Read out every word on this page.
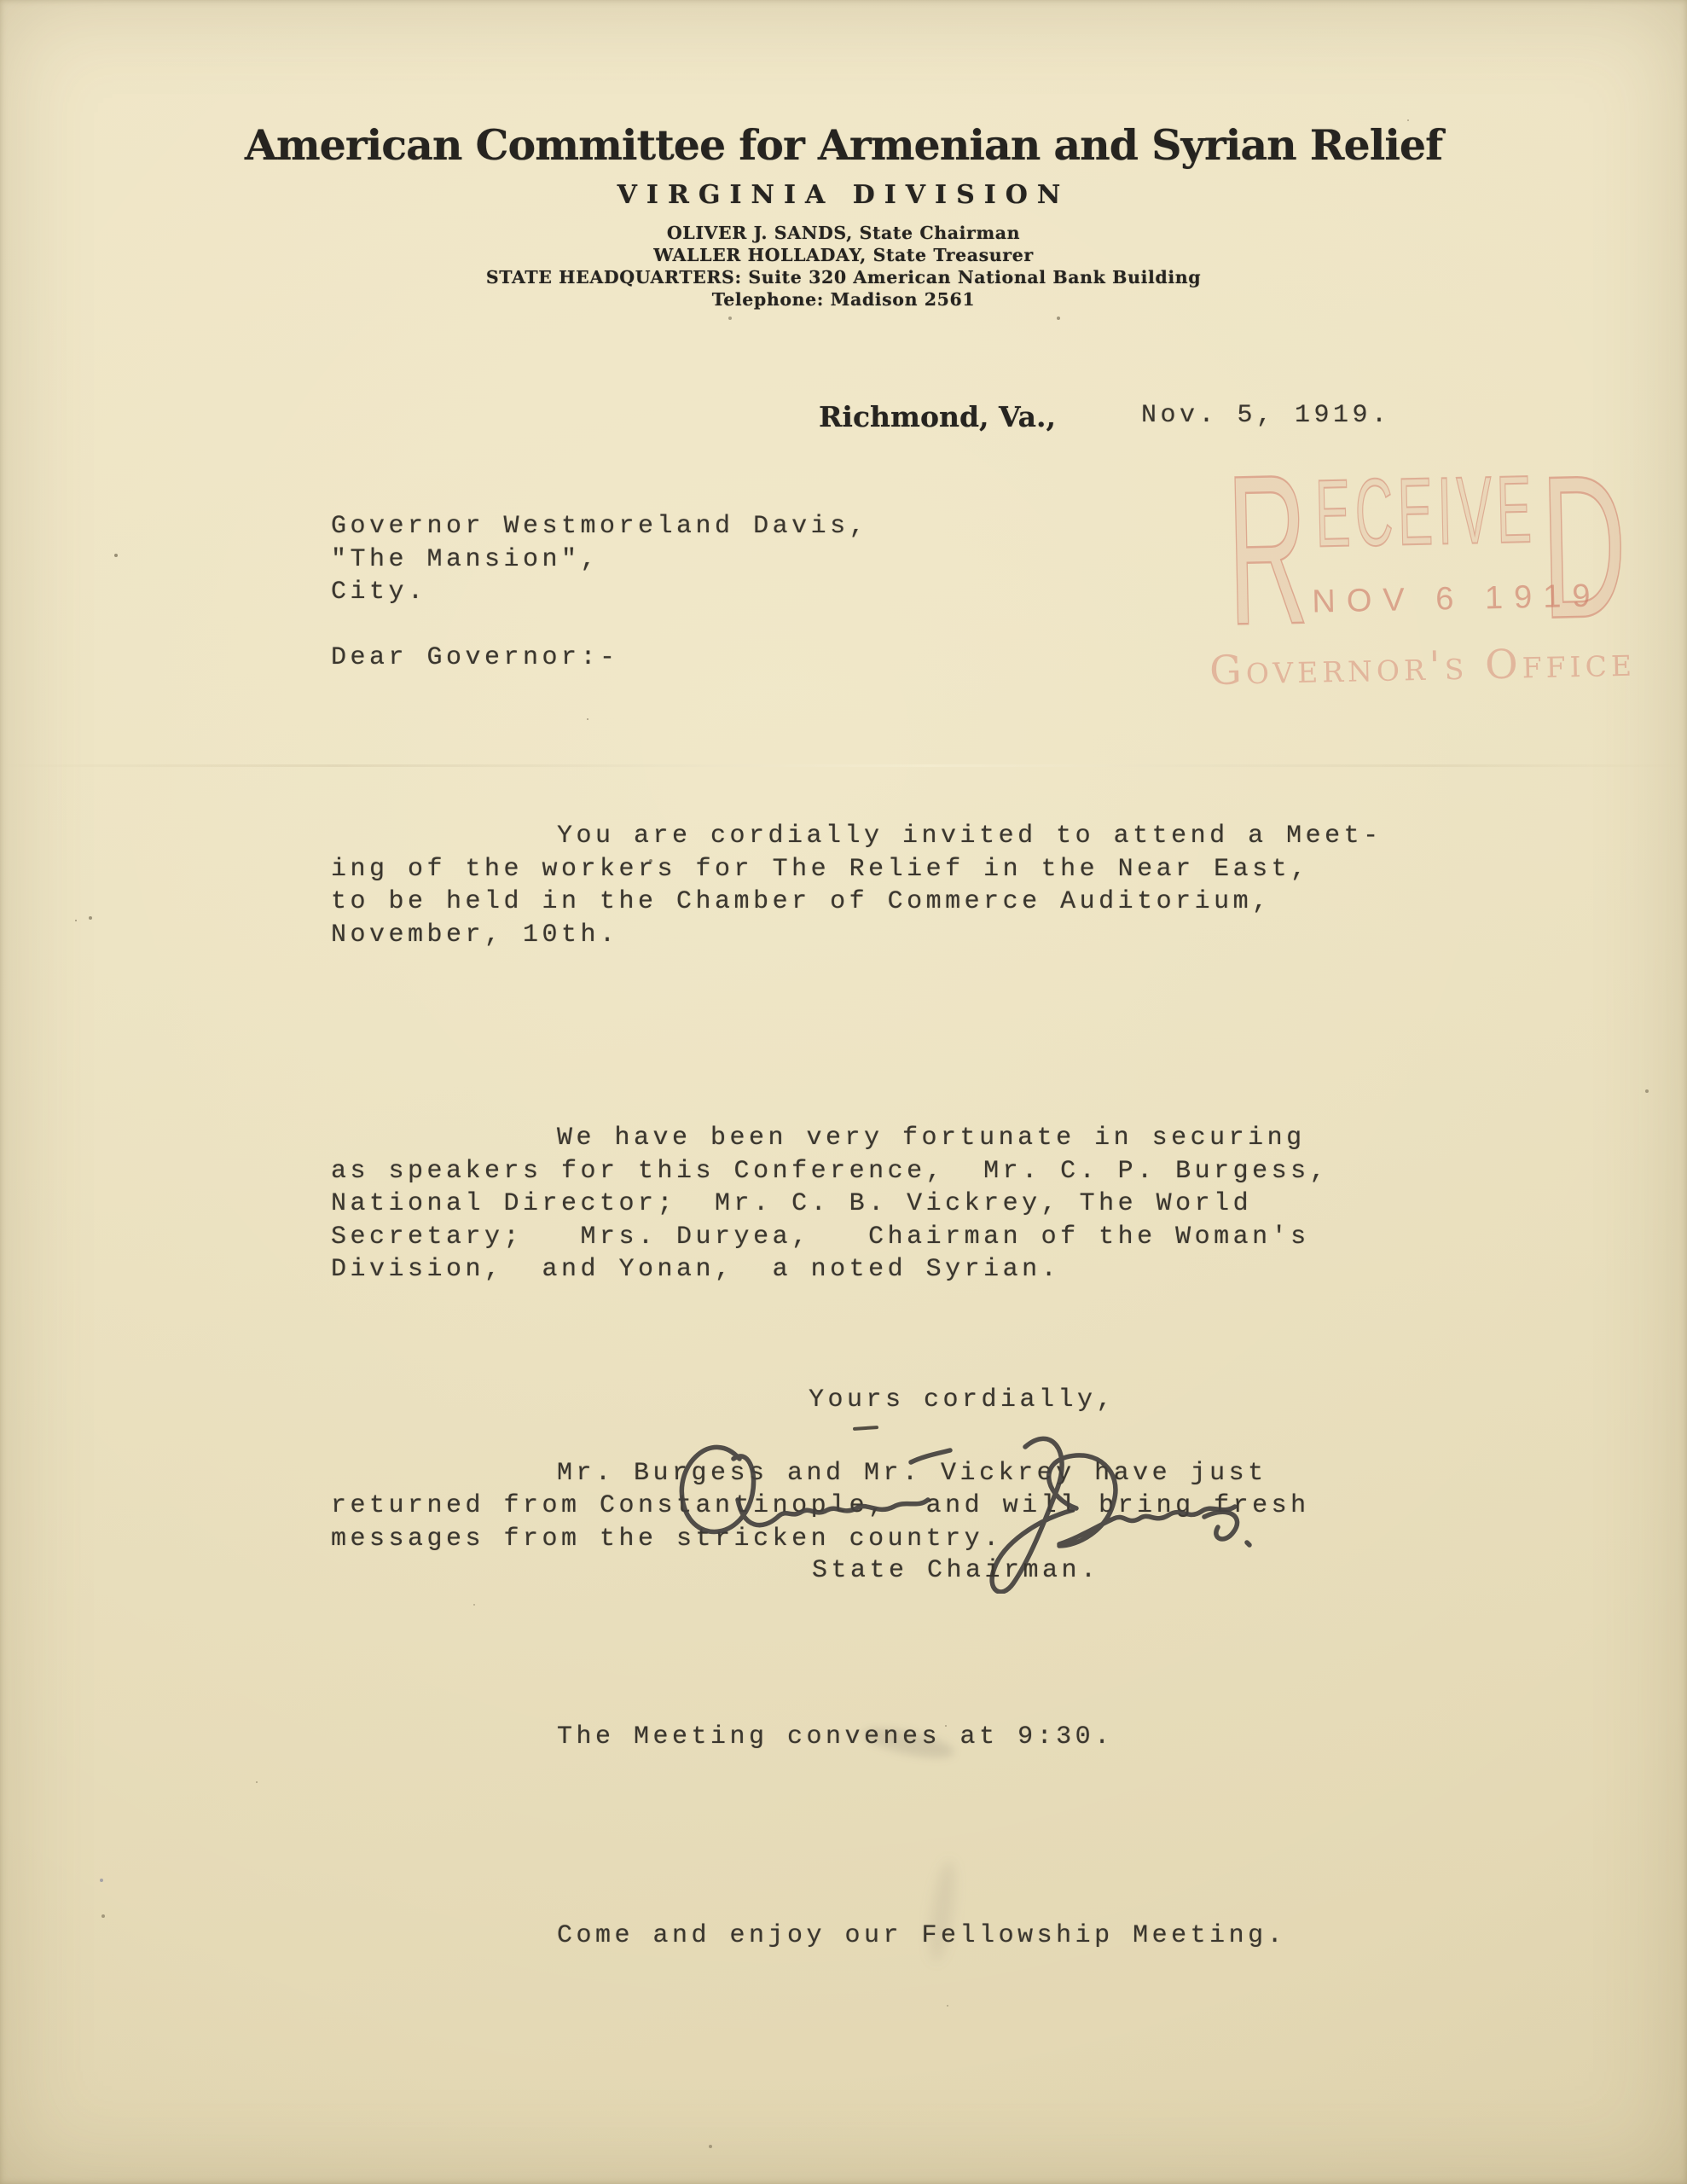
American Committee for Armenian and Syrian Relief
VIRGINIA DIVISION
OLIVER J. SANDS, State Chairman
WALLER HOLLADAY, State Treasurer
STATE HEADQUARTERS: Suite 320 American National Bank Building
Telephone: Madison 2561
R ECEIVE D
NOV 6 1919
Governor's Office
Richmond, Va.,	Nov. 5, 1919.
Governor Westmoreland Davis,
"The Mansion",
City.
Dear Governor:-

You are cordially invited to attend a Meet-
ing of the workers for The Relief in the Near East,
to be held in the Chamber of Commerce Auditorium,
November, 10th.

We have been very fortunate in securing
as speakers for this Conference,  Mr. C. P. Burgess,
National Director;  Mr. C. B. Vickrey, The World
Secretary;   Mrs. Duryea,   Chairman of the Woman's
Division,  and Yonan,  a noted Syrian.

Mr. Burgess and Mr. Vickrey have just
returned from Constantinople,  and will bring fresh
messages from the stricken country.

The Meeting convenes at 9:30.

Come and enjoy our Fellowship Meeting.

Yours cordially,
State Chairman.
